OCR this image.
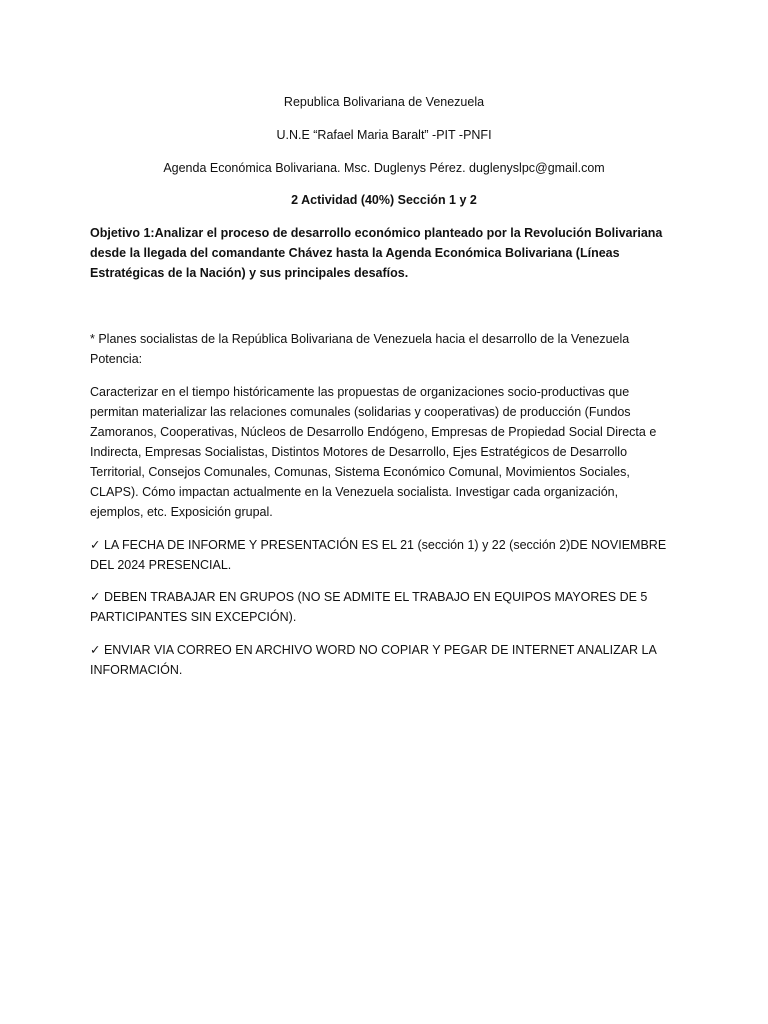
Republica Bolivariana de Venezuela
U.N.E “Rafael Maria Baralt” -PIT -PNFI
Agenda Económica Bolivariana. Msc. Duglenys Pérez. duglenyslpc@gmail.com
2 Actividad (40%) Sección 1 y 2
Objetivo 1:Analizar el proceso de desarrollo económico planteado por la Revolución Bolivariana desde la llegada del comandante Chávez hasta la Agenda Económica Bolivariana (Líneas Estratégicas de la Nación) y sus principales desafíos.
* Planes socialistas de la República Bolivariana de Venezuela hacia el desarrollo de la Venezuela Potencia:
Caracterizar en el tiempo históricamente las propuestas de organizaciones socio-productivas que permitan materializar las relaciones comunales (solidarias y cooperativas) de producción (Fundos Zamoranos, Cooperativas, Núcleos de Desarrollo Endógeno, Empresas de Propiedad Social Directa e Indirecta, Empresas Socialistas, Distintos Motores de Desarrollo, Ejes Estratégicos de Desarrollo Territorial, Consejos Comunales, Comunas, Sistema Económico Comunal, Movimientos Sociales, CLAPS). Cómo impactan actualmente en la Venezuela socialista. Investigar cada organización, ejemplos, etc. Exposición grupal.
✓ LA FECHA DE INFORME Y PRESENTACIÓN ES EL 21 (sección 1) y 22 (sección 2)DE NOVIEMBRE DEL 2024 PRESENCIAL.
✓ DEBEN TRABAJAR EN GRUPOS (NO SE ADMITE EL TRABAJO EN EQUIPOS MAYORES DE 5 PARTICIPANTES SIN EXCEPCIÓN).
✓ ENVIAR VIA CORREO EN ARCHIVO WORD NO COPIAR Y PEGAR DE INTERNET ANALIZAR LA INFORMACIÓN.
